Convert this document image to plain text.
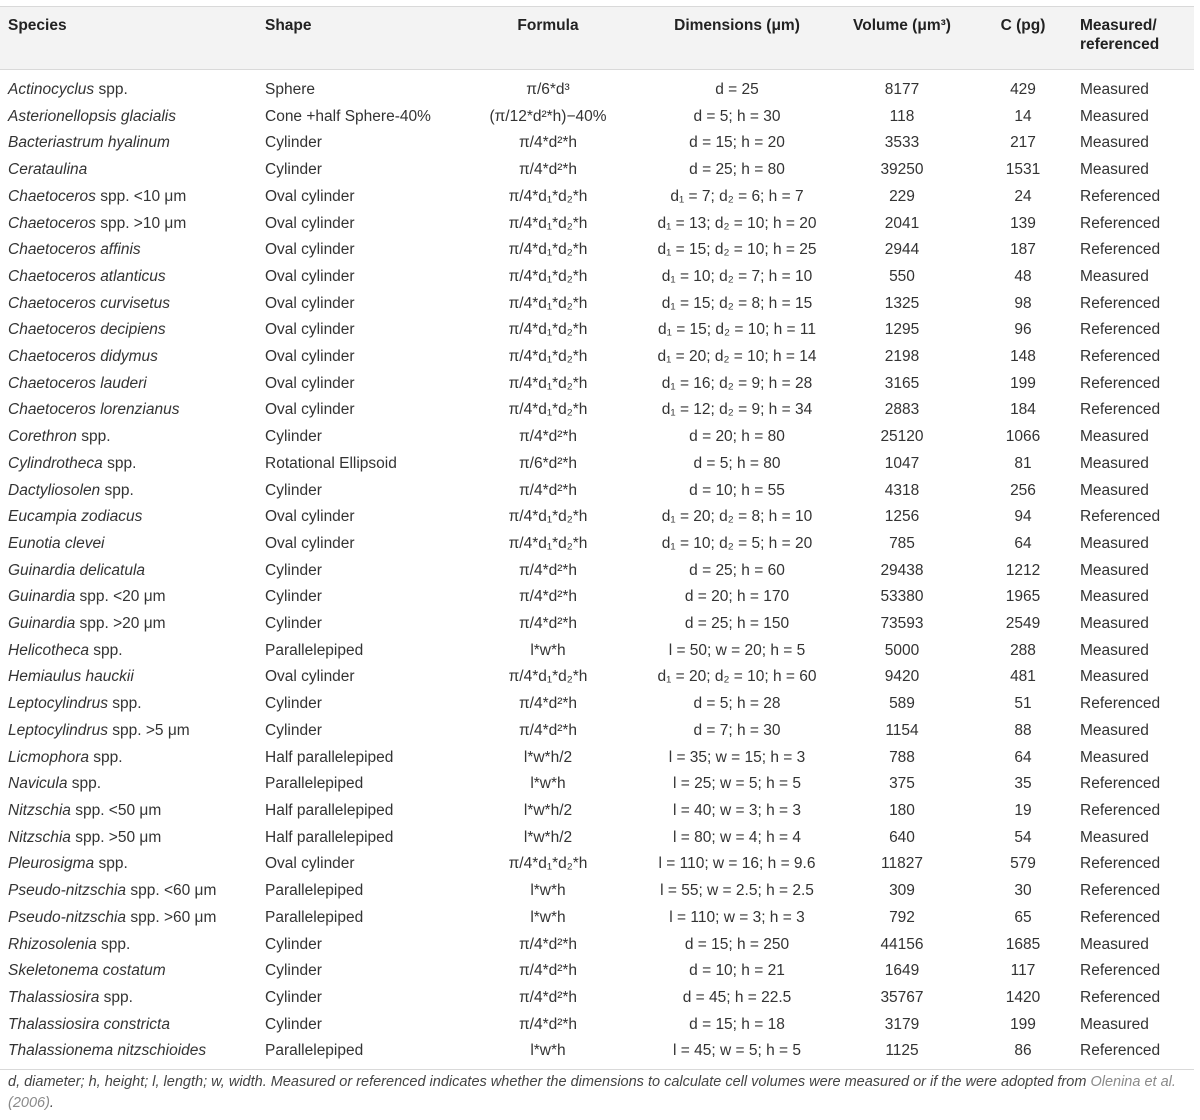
Species	Shape	Formula	Dimensions (μm)	Volume (μm³)	C (pg)	Measured/ referenced
Actinocyclus spp.	Sphere	π/6*d³	d = 25	8177	429	Measured
Asterionellopsis glacialis	Cone +half Sphere-40%	(π/12*d²*h)−40%	d = 5; h = 30	118	14	Measured
Bacteriastrum hyalinum	Cylinder	π/4*d²*h	d = 15; h = 20	3533	217	Measured
Cerataulina	Cylinder	π/4*d²*h	d = 25; h = 80	39250	1531	Measured
Chaetoceros spp. <10 μm	Oval cylinder	π/4*d₁*d₂*h	d₁ = 7; d₂ = 6; h = 7	229	24	Referenced
Chaetoceros spp. >10 μm	Oval cylinder	π/4*d₁*d₂*h	d₁ = 13; d₂ = 10; h = 20	2041	139	Referenced
Chaetoceros affinis	Oval cylinder	π/4*d₁*d₂*h	d₁ = 15; d₂ = 10; h = 25	2944	187	Referenced
Chaetoceros atlanticus	Oval cylinder	π/4*d₁*d₂*h	d₁ = 10; d₂ = 7; h = 10	550	48	Measured
Chaetoceros curvisetus	Oval cylinder	π/4*d₁*d₂*h	d₁ = 15; d₂ = 8; h = 15	1325	98	Referenced
Chaetoceros decipiens	Oval cylinder	π/4*d₁*d₂*h	d₁ = 15; d₂ = 10; h = 11	1295	96	Referenced
Chaetoceros didymus	Oval cylinder	π/4*d₁*d₂*h	d₁ = 20; d₂ = 10; h = 14	2198	148	Referenced
Chaetoceros lauderi	Oval cylinder	π/4*d₁*d₂*h	d₁ = 16; d₂ = 9; h = 28	3165	199	Referenced
Chaetoceros lorenzianus	Oval cylinder	π/4*d₁*d₂*h	d₁ = 12; d₂ = 9; h = 34	2883	184	Referenced
Corethron spp.	Cylinder	π/4*d²*h	d = 20; h = 80	25120	1066	Measured
Cylindrotheca spp.	Rotational Ellipsoid	π/6*d²*h	d = 5; h = 80	1047	81	Measured
Dactyliosolen spp.	Cylinder	π/4*d²*h	d = 10; h = 55	4318	256	Measured
Eucampia zodiacus	Oval cylinder	π/4*d₁*d₂*h	d₁ = 20; d₂ = 8; h = 10	1256	94	Referenced
Eunotia clevei	Oval cylinder	π/4*d₁*d₂*h	d₁ = 10; d₂ = 5; h = 20	785	64	Measured
Guinardia delicatula	Cylinder	π/4*d²*h	d = 25; h = 60	29438	1212	Measured
Guinardia spp. <20 μm	Cylinder	π/4*d²*h	d = 20; h = 170	53380	1965	Measured
Guinardia spp. >20 μm	Cylinder	π/4*d²*h	d = 25; h = 150	73593	2549	Measured
Helicotheca spp.	Parallelepiped	l*w*h	l = 50; w = 20; h = 5	5000	288	Measured
Hemiaulus hauckii	Oval cylinder	π/4*d₁*d₂*h	d₁ = 20; d₂ = 10; h = 60	9420	481	Measured
Leptocylindrus spp.	Cylinder	π/4*d²*h	d = 5; h = 28	589	51	Referenced
Leptocylindrus spp. >5 μm	Cylinder	π/4*d²*h	d = 7; h = 30	1154	88	Measured
Licmophora spp.	Half parallelepiped	l*w*h/2	l = 35; w = 15; h = 3	788	64	Measured
Navicula spp.	Parallelepiped	l*w*h	l = 25; w = 5; h = 5	375	35	Referenced
Nitzschia spp. <50 μm	Half parallelepiped	l*w*h/2	l = 40; w = 3; h = 3	180	19	Referenced
Nitzschia spp. >50 μm	Half parallelepiped	l*w*h/2	l = 80; w = 4; h = 4	640	54	Measured
Pleurosigma spp.	Oval cylinder	π/4*d₁*d₂*h	l = 110; w = 16; h = 9.6	11827	579	Referenced
Pseudo-nitzschia spp. <60 μm	Parallelepiped	l*w*h	l = 55; w = 2.5; h = 2.5	309	30	Referenced
Pseudo-nitzschia spp. >60 μm	Parallelepiped	l*w*h	l = 110; w = 3; h = 3	792	65	Referenced
Rhizosolenia spp.	Cylinder	π/4*d²*h	d = 15; h = 250	44156	1685	Measured
Skeletonema costatum	Cylinder	π/4*d²*h	d = 10; h = 21	1649	117	Referenced
Thalassiosira spp.	Cylinder	π/4*d²*h	d = 45; h = 22.5	35767	1420	Referenced
Thalassiosira constricta	Cylinder	π/4*d²*h	d = 15; h = 18	3179	199	Measured
Thalassionema nitzschioides	Parallelepiped	l*w*h	l = 45; w = 5; h = 5	1125	86	Referenced
d, diameter; h, height; l, length; w, width. Measured or referenced indicates whether the dimensions to calculate cell volumes were measured or if the were adopted from Olenina et al. (2006).
